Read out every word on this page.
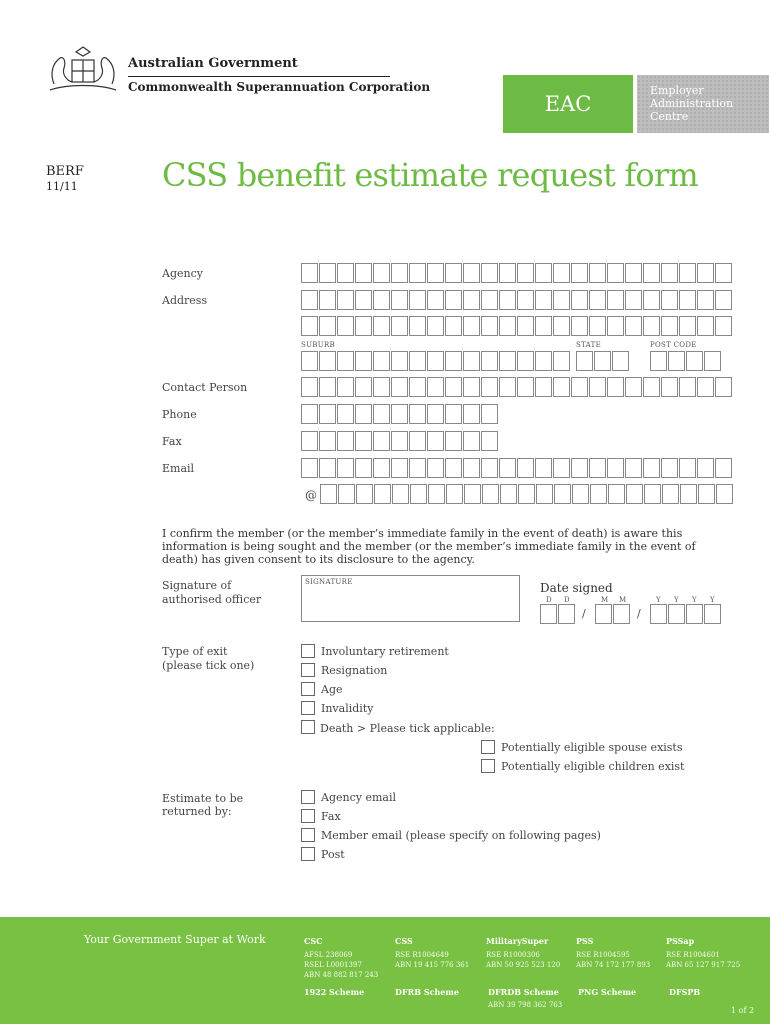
Australian Government
Commonwealth Superannuation Corporation
EAC
Employer
Administration
Centre
BERF
11/11	CSS benefit estimate request form
Agency
Address
SUBURB	STATE	POST CODE
Contact Person
Phone
Fax
Email
@
I confirm the member (or the member’s immediate family in the event of death) is aware this information is being sought and the member (or the member’s immediate family in the event of death) has given consent to its disclosure to the agency.
Signature of
authorised officer
SIGNATURE	Date signed
D D	M M	Y Y Y Y
/	/
Type of exit
(please tick one)
Involuntary retirement
Resignation
Age
Invalidity
Death > Please tick applicable:
Potentially eligible spouse exists
Potentially eligible children exist
Estimate to be
returned by:
Agency email
Fax
Member email (please specify on following pages)
Post
Your Government Super at Work	CSC
AFSL 238069
RSEL L0001397
ABN 48 882 817 243
CSS
RSE R1004649
ABN 19 415 776 361
MilitarySuper
RSE R1000306
ABN 50 925 523 120
PSS
RSE R1004595
ABN 74 172 177 893
PSSap
RSE R1004601
ABN 65 127 917 725
1922 Scheme	DFRB Scheme	DFRDB Scheme
ABN 39 798 362 763
PNG Scheme	DFSPB
1 of 2
